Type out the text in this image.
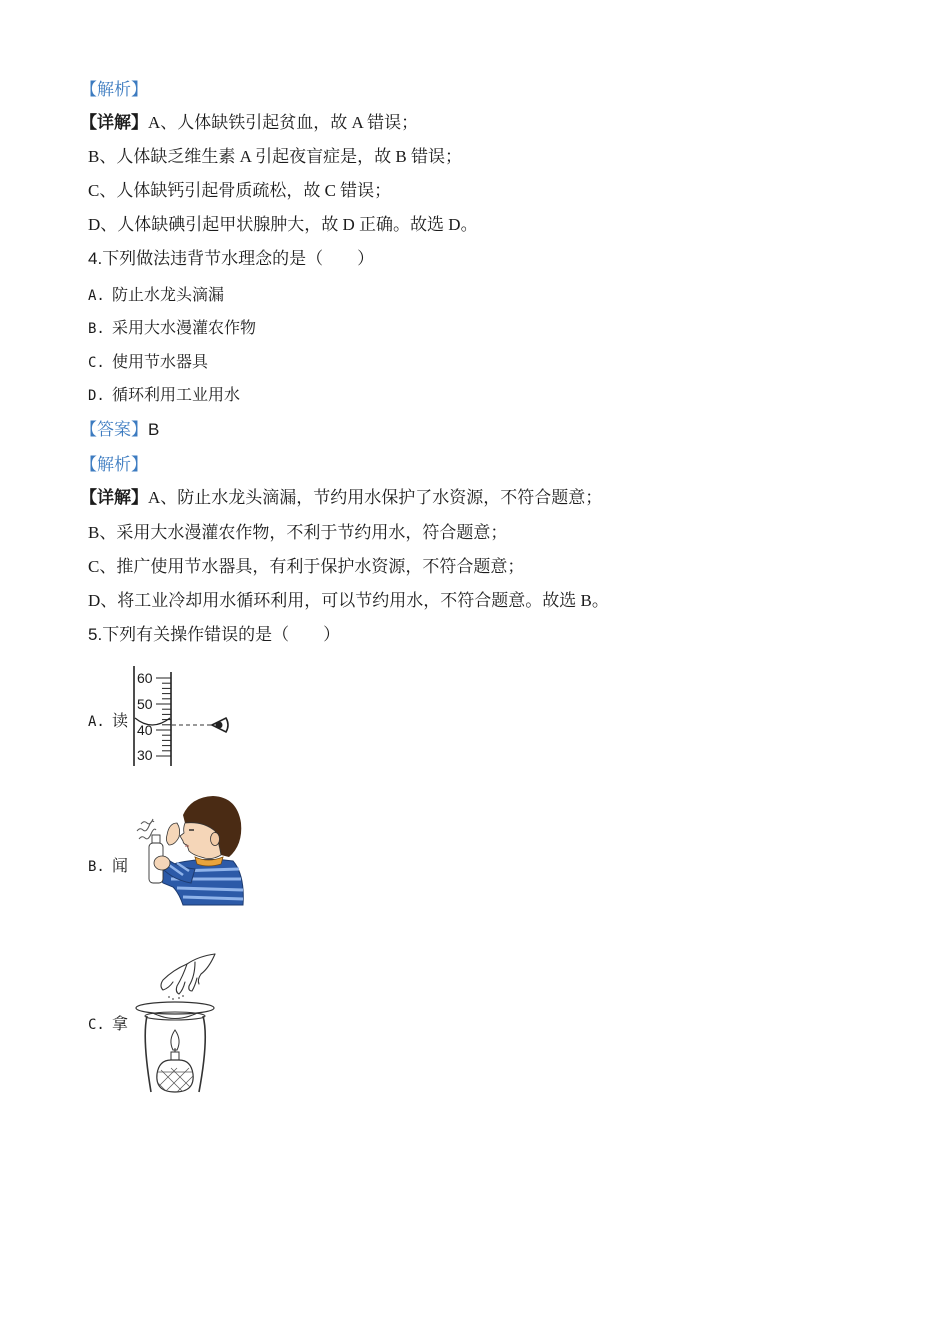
【解析】
【详解】A、人体缺铁引起贫血，故 A 错误；
B、人体缺乏维生素 A 引起夜盲症是，故 B 错误；
C、人体缺钙引起骨质疏松，故 C 错误；
D、人体缺碘引起甲状腺肿大，故 D 正确。故选 D。
4.下列做法违背节水理念的是（　　）
A. 防止水龙头滴漏
B. 采用大水漫灌农作物
C. 使用节水器具
D. 循环利用工业用水
【答案】B
【解析】
【详解】A、防止水龙头滴漏，节约用水保护了水资源，不符合题意；
B、采用大水漫灌农作物，不利于节约用水，符合题意；
C、推广使用节水器具，有利于保护水资源，不符合题意；
D、将工业冷却用水循环利用，可以节约用水，不符合题意。故选 B。
5.下列有关操作错误的是（　　）
A. 读
60
50
40
30
B. 闻
C. 拿
